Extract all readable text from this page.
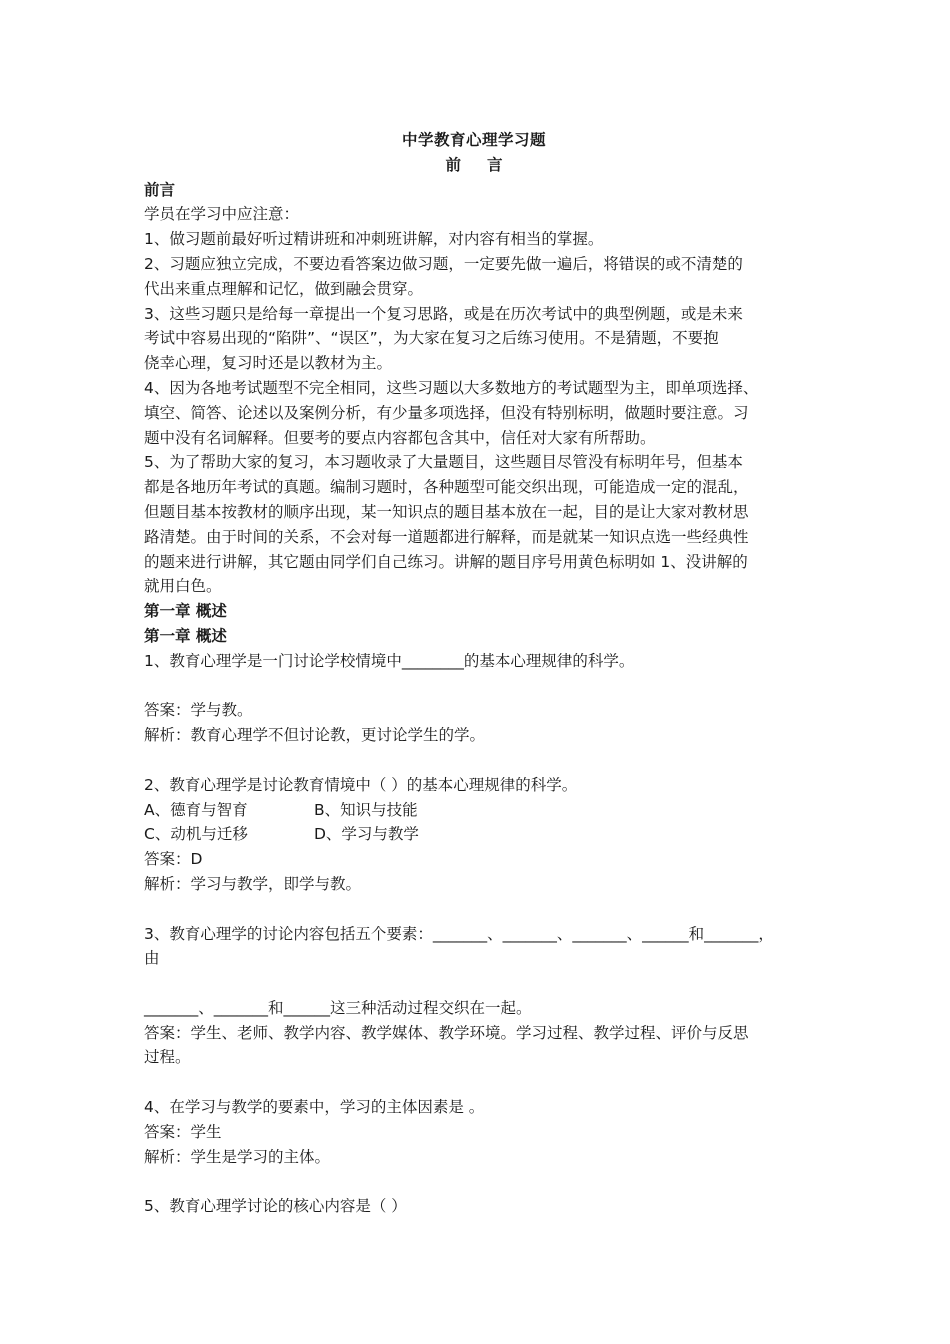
中学教育心理学习题
前言
前言
学员在学习中应注意：
1、做习题前最好听过精讲班和冲刺班讲解，对内容有相当的掌握。
2、习题应独立完成，不要边看答案边做习题，一定要先做一遍后，将错误的或不清楚的
代出来重点理解和记忆，做到融会贯穿。
3、这些习题只是给每一章提出一个复习思路，或是在历次考试中的典型例题，或是未来
考试中容易出现的“陷阱”、“误区”，为大家在复习之后练习使用。不是猜题，不要抱
侥幸心理，复习时还是以教材为主。
4、因为各地考试题型不完全相同，这些习题以大多数地方的考试题型为主，即单项选择、
填空、简答、论述以及案例分析，有少量多项选择，但没有特别标明，做题时要注意。习
题中没有名词解释。但要考的要点内容都包含其中，信任对大家有所帮助。
5、为了帮助大家的复习，本习题收录了大量题目，这些题目尽管没有标明年号，但基本
都是各地历年考试的真题。编制习题时，各种题型可能交织出现，可能造成一定的混乱，
但题目基本按教材的顺序出现，某一知识点的题目基本放在一起，目的是让大家对教材思
路清楚。由于时间的关系，不会对每一道题都进行解释，而是就某一知识点选一些经典性
的题来进行讲解，其它题由同学们自己练习。讲解的题目序号用黄色标明如 1、没讲解的
就用白色。
第一章 概述
第一章 概述
1、教育心理学是一门讨论学校情境中________的基本心理规律的科学。
答案：学与教。
解析：教育心理学不但讨论教，更讨论学生的学。
2、教育心理学是讨论教育情境中（ ）的基本心理规律的科学。
A、德育与智育	B、知识与技能
C、动机与迁移	D、学习与教学
答案：D
解析：学习与教学，即学与教。
3、教育心理学的讨论内容包括五个要素：_______、_______、_______、______和_______，
由
_______、_______和______这三种活动过程交织在一起。
答案：学生、老师、教学内容、教学媒体、教学环境。学习过程、教学过程、评价与反思
过程。
4、在学习与教学的要素中，学习的主体因素是 。
答案：学生
解析：学生是学习的主体。
5、教育心理学讨论的核心内容是（ ）
